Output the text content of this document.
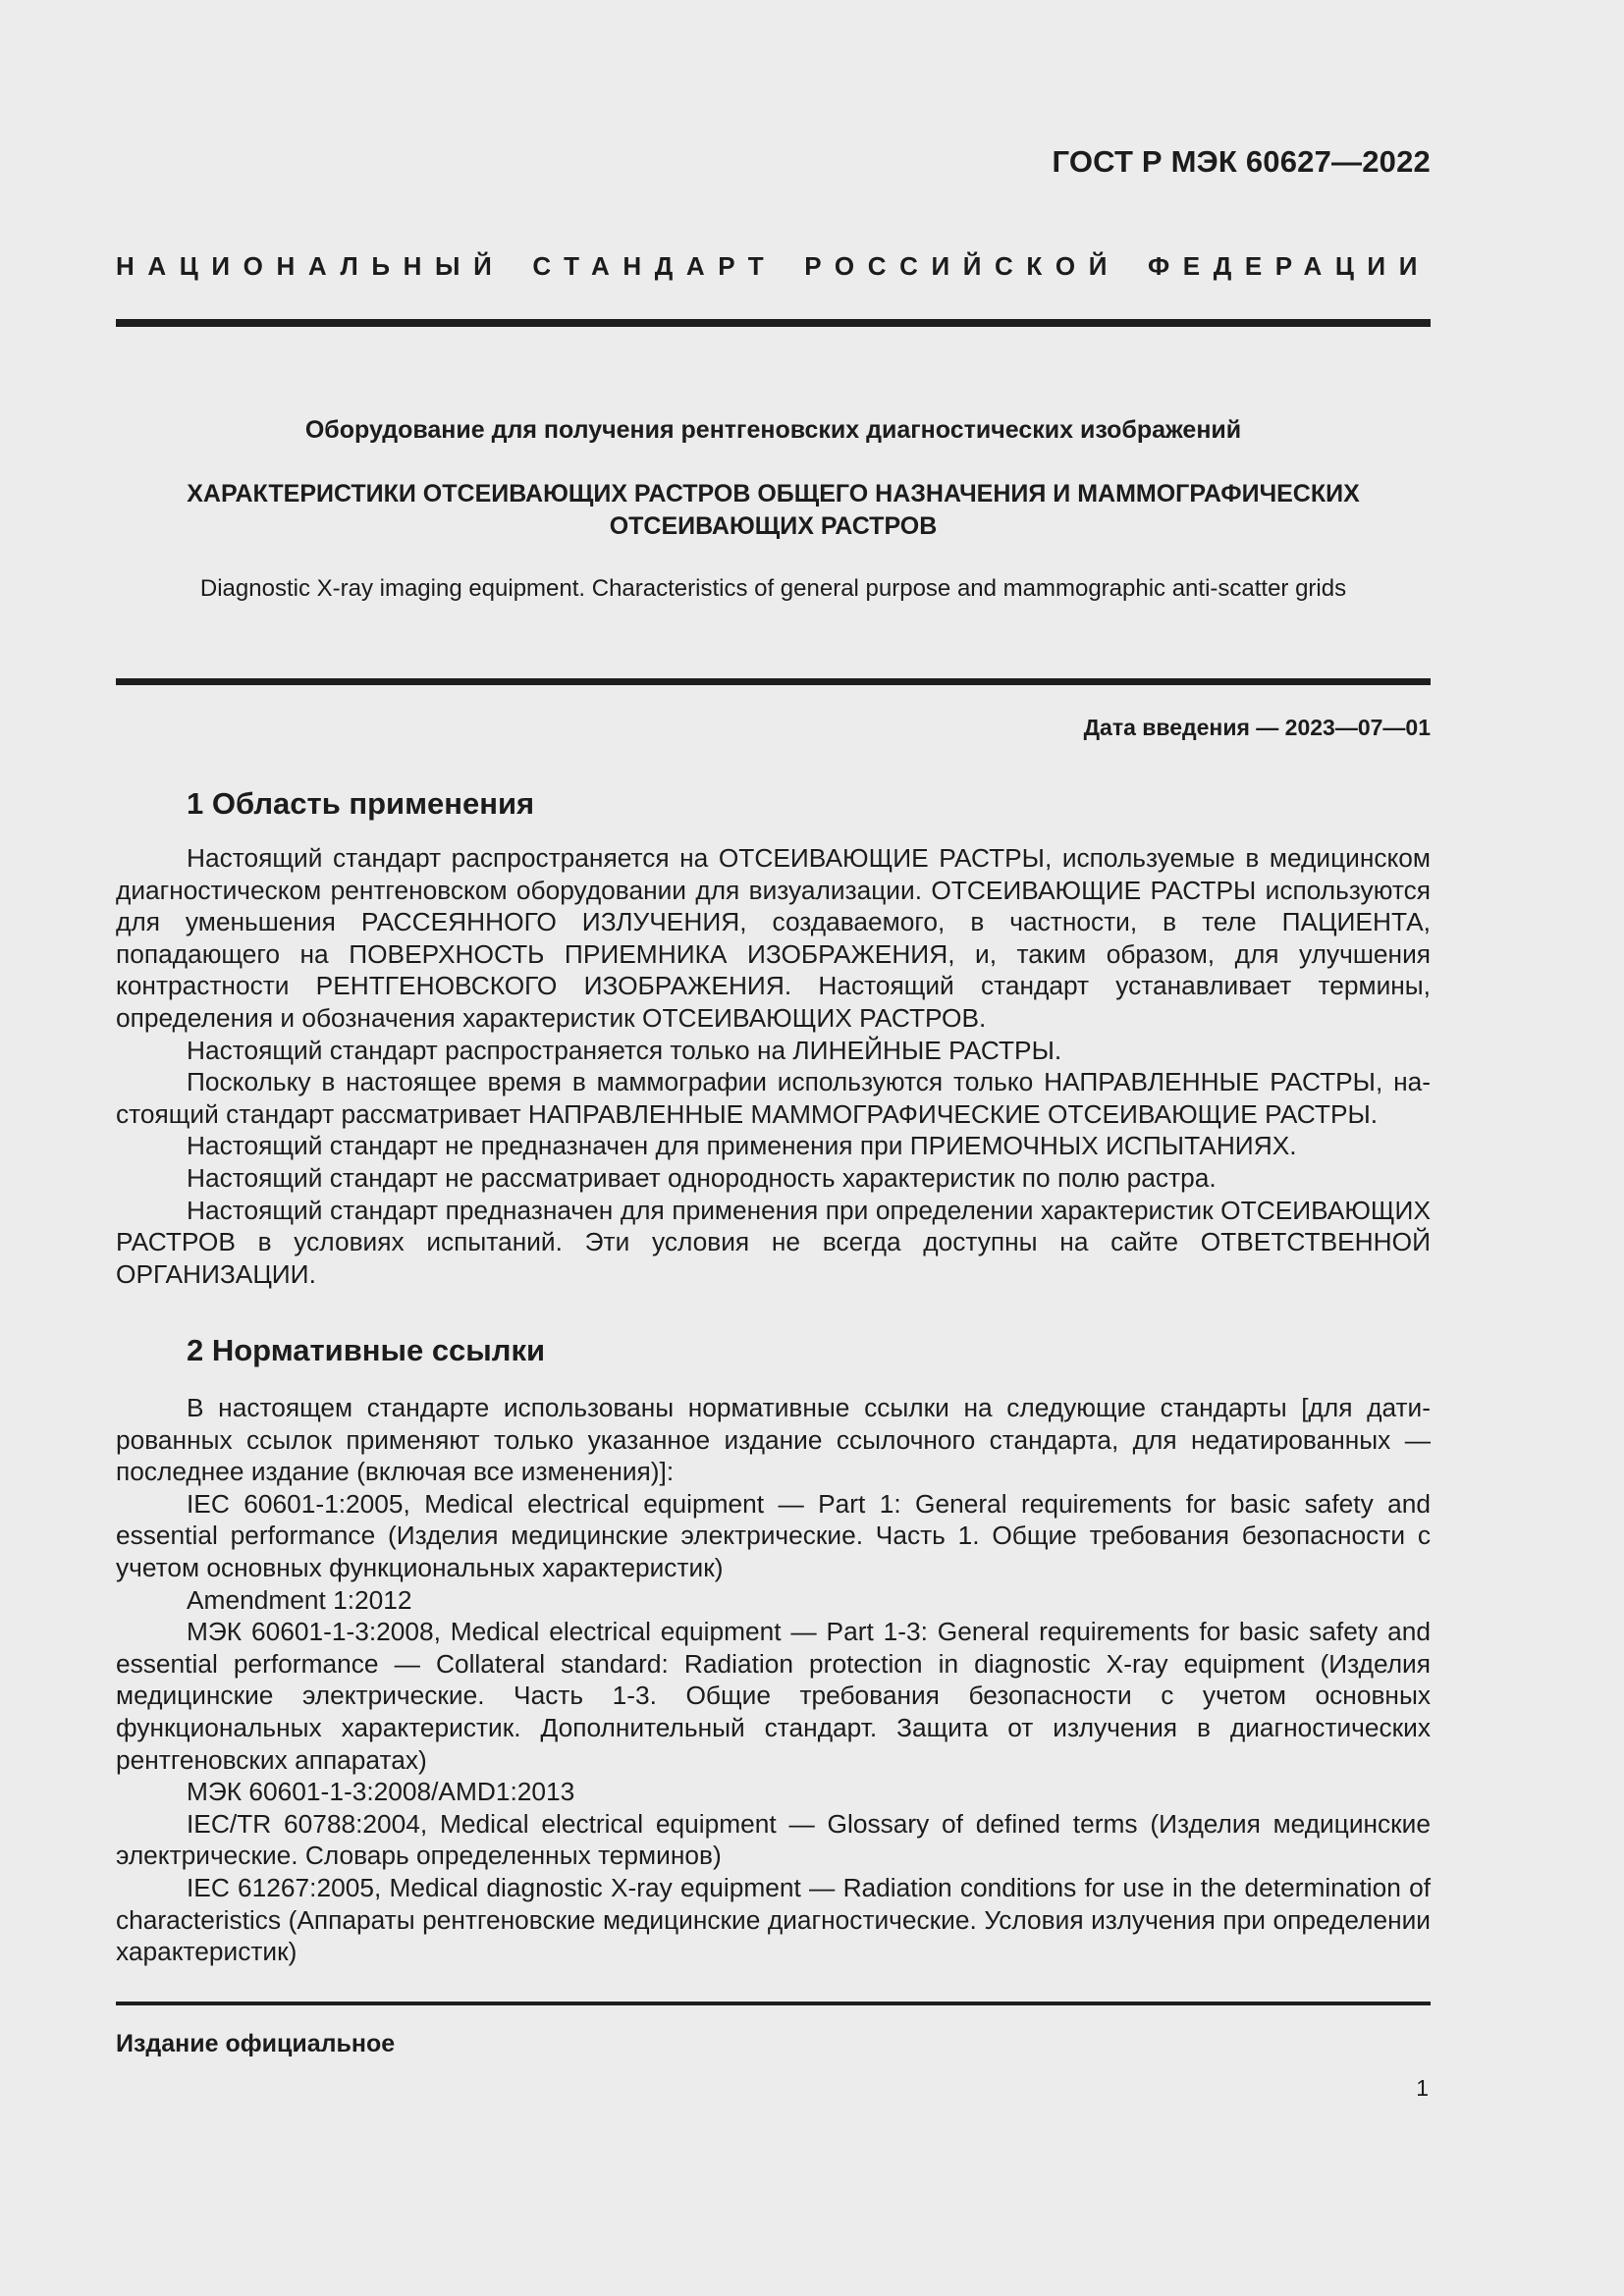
ГОСТ Р МЭК 60627—2022
НАЦИОНАЛЬНЫЙ СТАНДАРТ РОССИЙСКОЙ ФЕДЕРАЦИИ
Оборудование для получения рентгеновских диагностических изображений
ХАРАКТЕРИСТИКИ ОТСЕИВАЮЩИХ РАСТРОВ ОБЩЕГО НАЗНАЧЕНИЯ И МАММОГРАФИЧЕСКИХ
ОТСЕИВАЮЩИХ РАСТРОВ
Diagnostic X-ray imaging equipment. Characteristics of general purpose and mammographic anti-scatter grids
Дата введения — 2023—07—01
1 Область применения

Настоящий стандарт распространяется на ОТСЕИВАЮЩИЕ РАСТРЫ, используемые в медицинском диагностическом рентгеновском оборудовании для визуализации. ОТСЕИВАЮЩИЕ РАСТРЫ используются для уменьшения РАССЕЯННОГО ИЗЛУЧЕНИЯ, создаваемого, в частности, в теле ПАЦИЕНТА, попадающего на ПОВЕРХНОСТЬ ПРИЕМНИКА ИЗОБРАЖЕНИЯ, и, таким образом, для улучшения контрастности РЕНТГЕНОВСКОГО ИЗОБРАЖЕНИЯ. Настоящий стандарт устанавливает термины, определения и обозначения характеристик ОТСЕИВАЮЩИХ РАСТРОВ.

Настоящий стандарт распространяется только на ЛИНЕЙНЫЕ РАСТРЫ.

Поскольку в настоящее время в маммографии используются только НАПРАВЛЕННЫЕ РАСТРЫ, настоящий стандарт рассматривает НАПРАВЛЕННЫЕ МАММОГРАФИЧЕСКИЕ ОТСЕИВАЮЩИЕ РАСТРЫ.

Настоящий стандарт не предназначен для применения при ПРИЕМОЧНЫХ ИСПЫТАНИЯХ.

Настоящий стандарт не рассматривает однородность характеристик по полю растра.

Настоящий стандарт предназначен для применения при определении характеристик ОТСЕИВАЮЩИХ РАСТРОВ в условиях испытаний. Эти условия не всегда доступны на сайте ОТВЕТСТВЕННОЙ ОРГАНИЗАЦИИ.

2 Нормативные ссылки

В настоящем стандарте использованы нормативные ссылки на следующие стандарты [для датированных ссылок применяют только указанное издание ссылочного стандарта, для недатированных — последнее издание (включая все изменения)]:

IEC 60601-1:2005, Medical electrical equipment — Part 1: General requirements for basic safety and essential performance (Изделия медицинские электрические. Часть 1. Общие требования безопасности с учетом основных функциональных характеристик)

Amendment 1:2012

МЭК 60601-1-3:2008, Medical electrical equipment — Part 1-3: General requirements for basic safety and essential performance — Collateral standard: Radiation protection in diagnostic X-ray equipment (Изделия медицинские электрические. Часть 1-3. Общие требования безопасности с учетом основных функциональных характеристик. Дополнительный стандарт. Защита от излучения в диагностических рентгеновских аппаратах)

МЭК 60601-1-3:2008/AMD1:2013

IEC/TR 60788:2004, Medical electrical equipment — Glossary of defined terms (Изделия медицинские электрические. Словарь определенных терминов)

IEC 61267:2005, Medical diagnostic X-ray equipment — Radiation conditions for use in the determination of characteristics (Аппараты рентгеновские медицинские диагностические. Условия излучения при определении характеристик)

Издание официальное
1
